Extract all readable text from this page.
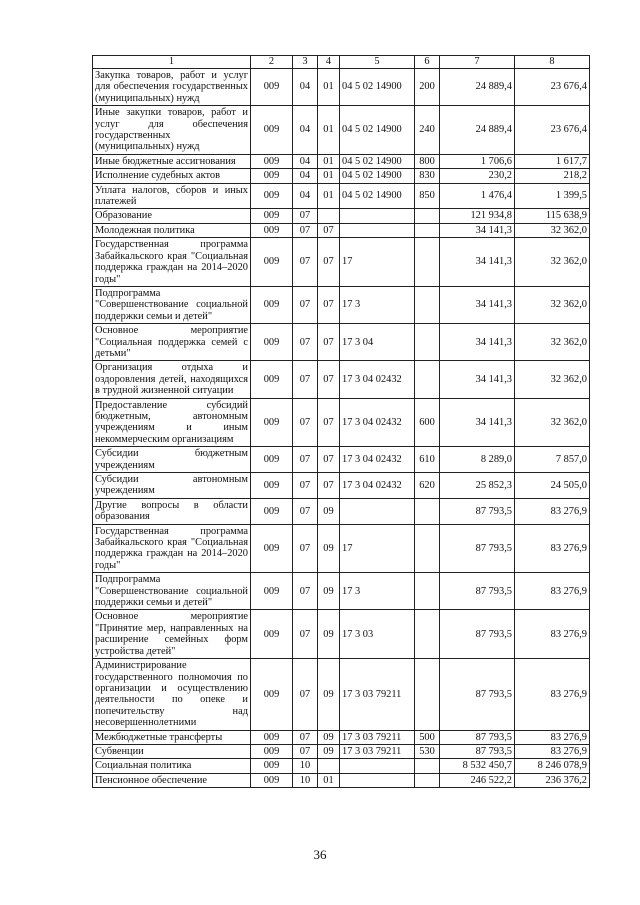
1	2	3	4	5	6	7	8
Закупка товаров, работ и услуг для обеспечения государственных (муниципальных) нужд	009	04	01	04 5 02 14900	200	24 889,4	23 676,4
Иные закупки товаров, работ и услуг для обеспечения государственных (муниципальных) нужд	009	04	01	04 5 02 14900	240	24 889,4	23 676,4
Иные бюджетные ассигнования	009	04	01	04 5 02 14900	800	1 706,6	1 617,7
Исполнение судебных актов	009	04	01	04 5 02 14900	830	230,2	218,2
Уплата налогов, сборов и иных платежей	009	04	01	04 5 02 14900	850	1 476,4	1 399,5
Образование	009	07				121 934,8	115 638,9
Молодежная политика	009	07	07			34 141,3	32 362,0
Государственная программа Забайкальского края "Социальная поддержка граждан на 2014–2020 годы"	009	07	07	17		34 141,3	32 362,0
Подпрограмма "Совершенствование социальной поддержки семьи и детей"	009	07	07	17 3		34 141,3	32 362,0
Основное мероприятие "Социальная поддержка семей с детьми"	009	07	07	17 3 04		34 141,3	32 362,0
Организация отдыха и оздоровления детей, находящихся в трудной жизненной ситуации	009	07	07	17 3 04 02432		34 141,3	32 362,0
Предоставление субсидий бюджетным, автономным учреждениям и иным некоммерческим организациям	009	07	07	17 3 04 02432	600	34 141,3	32 362,0
Субсидии бюджетным учреждениям	009	07	07	17 3 04 02432	610	8 289,0	7 857,0
Субсидии автономным учреждениям	009	07	07	17 3 04 02432	620	25 852,3	24 505,0
Другие вопросы в области образования	009	07	09			87 793,5	83 276,9
Государственная программа Забайкальского края "Социальная поддержка граждан на 2014–2020 годы"	009	07	09	17		87 793,5	83 276,9
Подпрограмма "Совершенствование социальной поддержки семьи и детей"	009	07	09	17 3		87 793,5	83 276,9
Основное мероприятие "Принятие мер, направленных на расширение семейных форм устройства детей"	009	07	09	17 3 03		87 793,5	83 276,9
Администрирование государственного полномочия по организации и осуществлению деятельности по опеке и попечительству над несовершеннолетними	009	07	09	17 3 03 79211		87 793,5	83 276,9
Межбюджетные трансферты	009	07	09	17 3 03 79211	500	87 793,5	83 276,9
Субвенции	009	07	09	17 3 03 79211	530	87 793,5	83 276,9
Социальная политика	009	10				8 532 450,7	8 246 078,9
Пенсионное обеспечение	009	10	01			246 522,2	236 376,2
36
